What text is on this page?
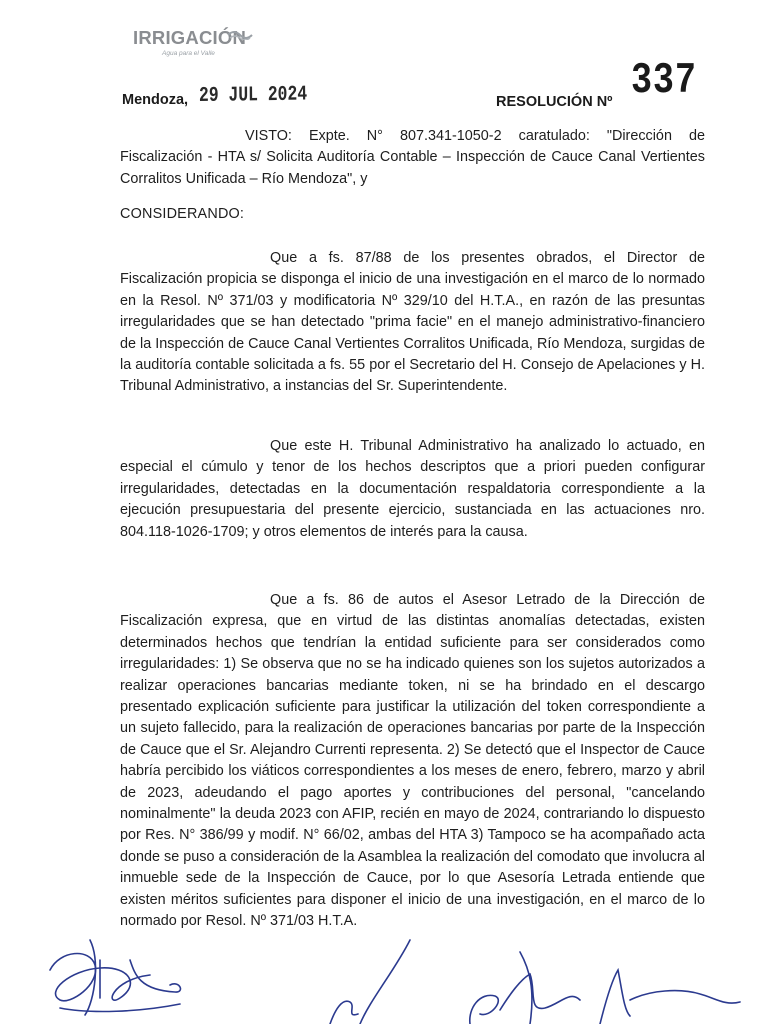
IRRIGACIÓN
Agua para el Valle
Mendoza, 29 JUL 2024	RESOLUCIÓN Nº 337
VISTO: Expte. N° 807.341-1050-2 caratulado: "Dirección de Fiscalización - HTA s/ Solicita Auditoría Contable – Inspección de Cauce Canal Vertientes Corralitos Unificada – Río Mendoza", y
CONSIDERANDO:
Que a fs. 87/88 de los presentes obrados, el Director de Fiscalización propicia se disponga el inicio de una investigación en el marco de lo normado en la Resol. Nº 371/03 y modificatoria Nº 329/10 del H.T.A., en razón de las presuntas irregularidades que se han detectado "prima facie" en el manejo administrativo-financiero de la Inspección de Cauce Canal Vertientes Corralitos Unificada, Río Mendoza, surgidas de la auditoría contable solicitada a fs. 55 por el Secretario del H. Consejo de Apelaciones y H. Tribunal Administrativo, a instancias del Sr. Superintendente.
Que este H. Tribunal Administrativo ha analizado lo actuado, en especial el cúmulo y tenor de los hechos descriptos que a priori pueden configurar irregularidades, detectadas en la documentación respaldatoria correspondiente a la ejecución presupuestaria del presente ejercicio, sustanciada en las actuaciones nro. 804.118-1026-1709; y otros elementos de interés para la causa.
Que a fs. 86 de autos el Asesor Letrado de la Dirección de Fiscalización expresa, que en virtud de las distintas anomalías detectadas, existen determinados hechos que tendrían la entidad suficiente para ser considerados como irregularidades: 1) Se observa que no se ha indicado quienes son los sujetos autorizados a realizar operaciones bancarias mediante token, ni se ha brindado en el descargo presentado explicación suficiente para justificar la utilización del token correspondiente a un sujeto fallecido, para la realización de operaciones bancarias por parte de la Inspección de Cauce que el Sr. Alejandro Currenti representa. 2) Se detectó que el Inspector de Cauce habría percibido los viáticos correspondientes a los meses de enero, febrero, marzo y abril de 2023, adeudando el pago aportes y contribuciones del personal, "cancelando nominalmente" la deuda 2023 con AFIP, recién en mayo de 2024, contrariando lo dispuesto por Res. N° 386/99 y modif. N° 66/02, ambas del HTA 3) Tampoco se ha acompañado acta donde se puso a consideración de la Asamblea la realización del comodato que involucra al inmueble sede de la Inspección de Cauce, por lo que Asesoría Letrada entiende que existen méritos suficientes para disponer el inicio de una investigación, en el marco de lo normado por Resol. Nº 371/03 H.T.A.
